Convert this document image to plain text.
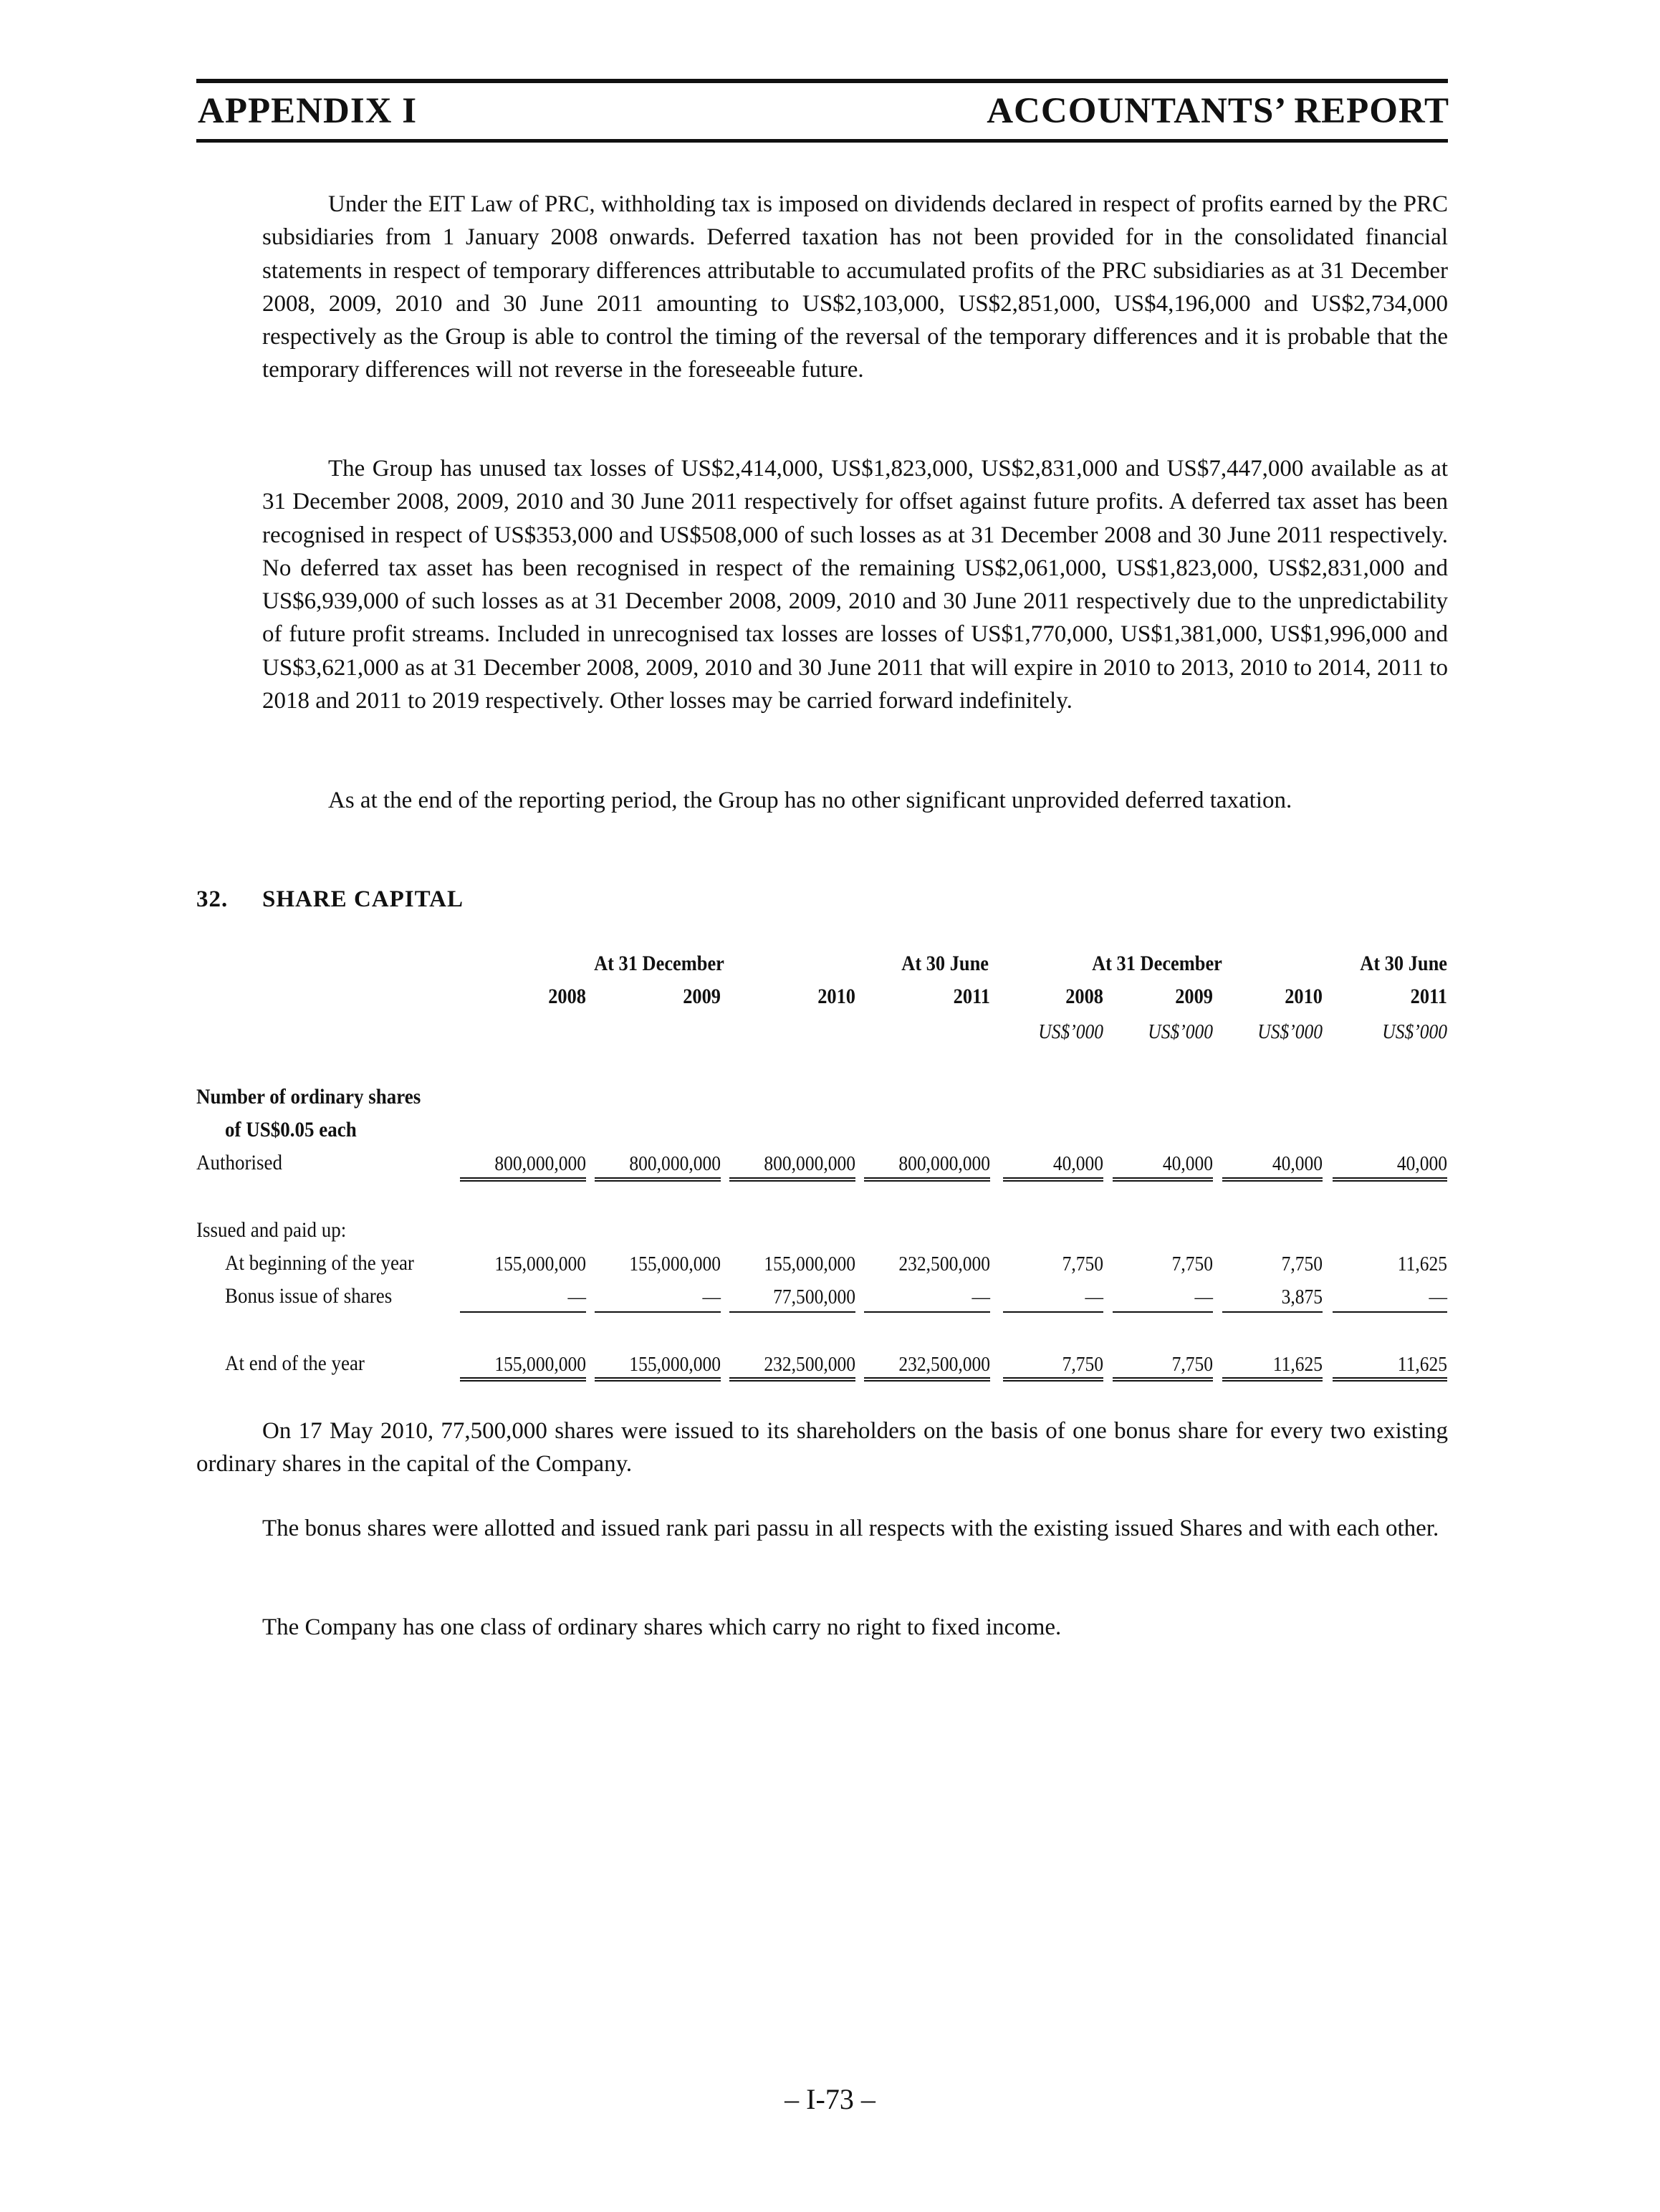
APPENDIX I	ACCOUNTANTS’ REPORT

Under the EIT Law of PRC, withholding tax is imposed on dividends declared in respect of profits earned by the PRC subsidiaries from 1 January 2008 onwards. Deferred taxation has not been provided for in the consolidated financial statements in respect of temporary differences attributable to accumulated profits of the PRC subsidiaries as at 31 December 2008, 2009, 2010 and 30 June 2011 amounting to US$2,103,000, US$2,851,000, US$4,196,000 and US$2,734,000 respectively as the Group is able to control the timing of the reversal of the temporary differences and it is probable that the temporary differences will not reverse in the foreseeable future.

The Group has unused tax losses of US$2,414,000, US$1,823,000, US$2,831,000 and US$7,447,000 available as at 31 December 2008, 2009, 2010 and 30 June 2011 respectively for offset against future profits. A deferred tax asset has been recognised in respect of US$353,000 and US$508,000 of such losses as at 31 December 2008 and 30 June 2011 respectively. No deferred tax asset has been recognised in respect of the remaining US$2,061,000, US$1,823,000, US$2,831,000 and US$6,939,000 of such losses as at 31 December 2008, 2009, 2010 and 30 June 2011 respectively due to the unpredictability of future profit streams. Included in unrecognised tax losses are losses of US$1,770,000, US$1,381,000, US$1,996,000 and US$3,621,000 as at 31 December 2008, 2009, 2010 and 30 June 2011 that will expire in 2010 to 2013, 2010 to 2014, 2011 to 2018 and 2011 to 2019 respectively. Other losses may be carried forward indefinitely.

As at the end of the reporting period, the Group has no other significant unprovided deferred taxation.

32. SHARE CAPITAL
At 31 December	At 30 June	At 31 December	At 30 June
2008	2009	2010	2011	2008	2009	2010	2011
US$’000	US$’000	US$’000	US$’000
Number of ordinary shares
of US$0.05 each
Authorised	800,000,000	800,000,000	800,000,000	800,000,000	40,000	40,000	40,000	40,000
Issued and paid up:
At beginning of the year	155,000,000	155,000,000	155,000,000	232,500,000	7,750	7,750	7,750	11,625
Bonus issue of shares	—	—	77,500,000	—	—	—	3,875	—
At end of the year	155,000,000	155,000,000	232,500,000	232,500,000	7,750	7,750	11,625	11,625

On 17 May 2010, 77,500,000 shares were issued to its shareholders on the basis of one bonus share for every two existing ordinary shares in the capital of the Company.

The bonus shares were allotted and issued rank pari passu in all respects with the existing issued Shares and with each other.

The Company has one class of ordinary shares which carry no right to fixed income.

– I-73 –
